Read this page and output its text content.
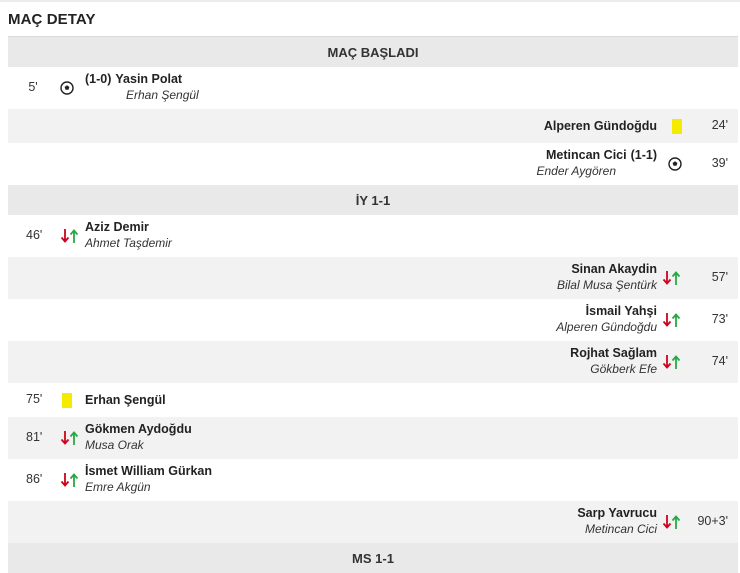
MAÇ DETAY
MAÇ BAŞLADI
5'
(1-0) Yasin Polat
Erhan Şengül
24'
Alperen Gündoğdu
39'
Metincan Cici (1-1)
Ender Aygören
İY 1-1
46'
Aziz Demir
Ahmet Taşdemir
57'
Sinan Akaydin
Bilal Musa Şentürk
73'
İsmail Yahşi
Alperen Gündoğdu
74'
Rojhat Sağlam
Gökberk Efe
75'	Erhan Şengül
81'
Gökmen Aydoğdu
Musa Orak
86'
İsmet William Gürkan
Emre Akgün
90+3'
Sarp Yavrucu
Metincan Cici
MS 1-1
